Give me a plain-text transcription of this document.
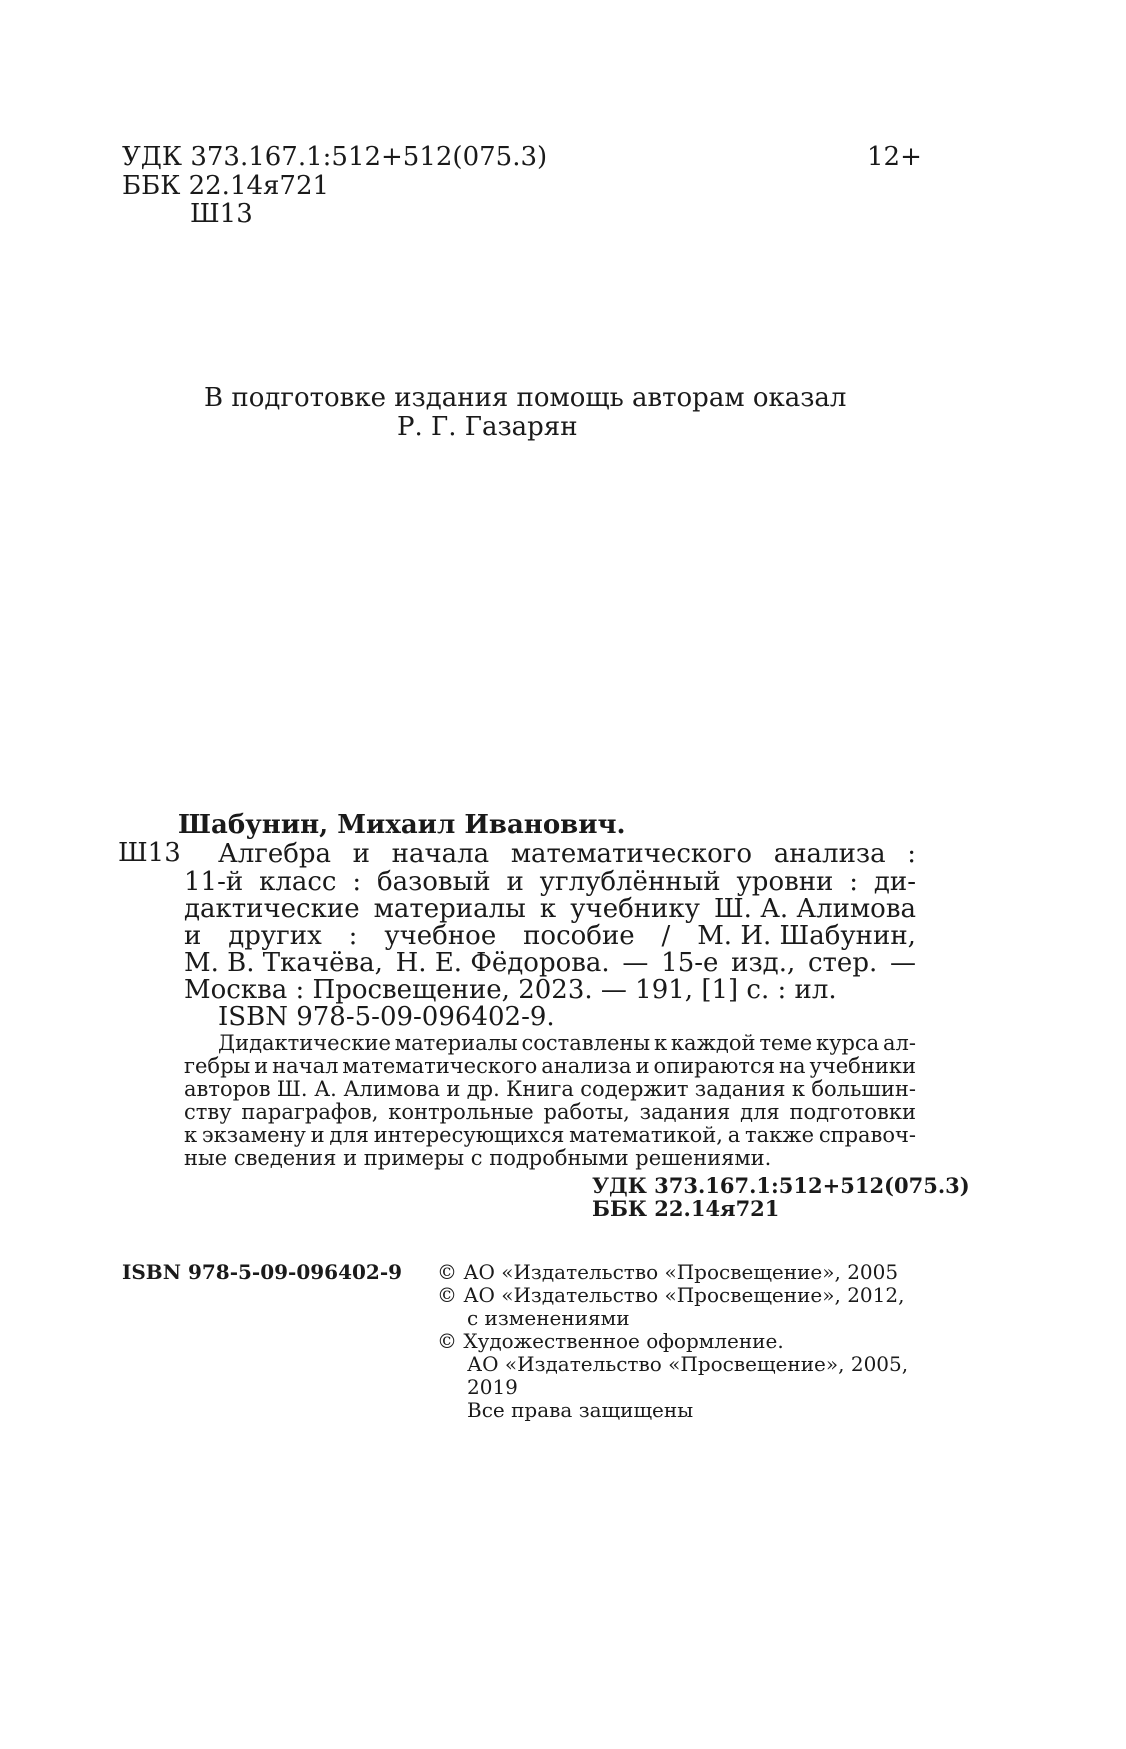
УДК 373.167.1:512+512(075.3)
ББК 22.14я721
Ш13
12+
В подготовке издания помощь авторам оказал
Р. Г. Газарян
Шабунин, Михаил Иванович.
Ш13 Алгебра и начала математического анализа :
11-й класс : базовый и углублённый уровни : ди-
дактические материалы к учебнику Ш. А. Алимова
и других : учебное пособие / М. И. Шабунин,
М. В. Ткачёва, Н. Е. Фёдорова. — 15-е изд., стер. —
Москва : Просвещение, 2023. — 191, [1] с. : ил.
ISBN 978-5-09-096402-9.
Дидактические материалы составлены к каждой теме курса ал-
гебры и начал математического анализа и опираются на учебники
авторов Ш. А. Алимова и др. Книга содержит задания к большин-
ству параграфов, контрольные работы, задания для подготовки
к экзамену и для интересующихся математикой, а также справоч-
ные сведения и примеры с подробными решениями.
УДК 373.167.1:512+512(075.3)
ББК 22.14я721
ISBN 978-5-09-096402-9 © АО «Издательство «Просвещение», 2005
© АО «Издательство «Просвещение», 2012,
с изменениями
© Художественное оформление.
АО «Издательство «Просвещение», 2005,
2019
Все права защищены
